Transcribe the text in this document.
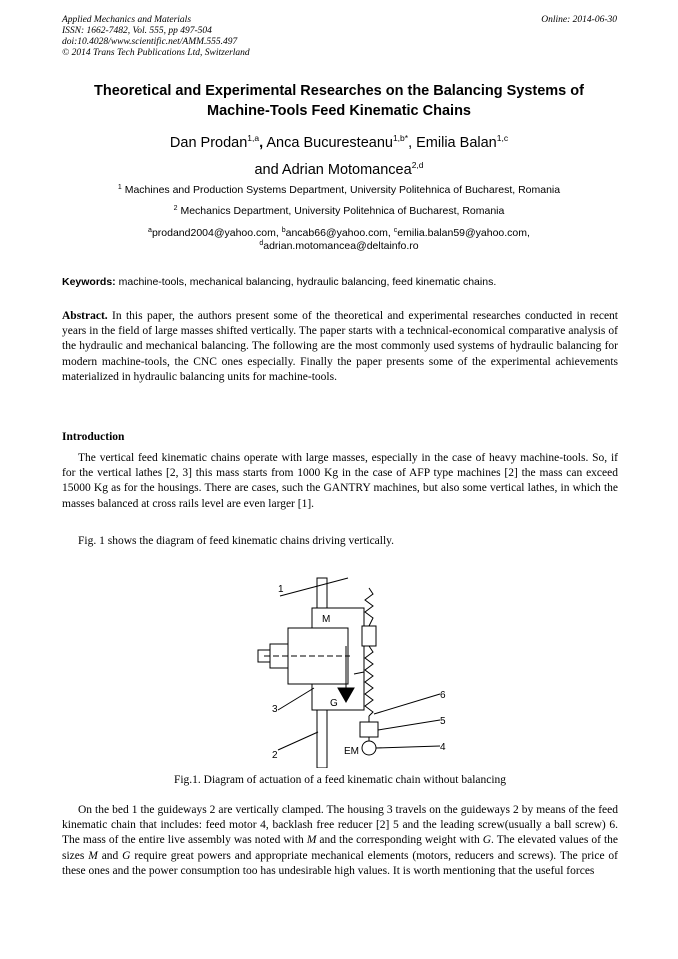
Applied Mechanics and Materials
ISSN: 1662-7482, Vol. 555, pp 497-504
doi:10.4028/www.scientific.net/AMM.555.497
© 2014 Trans Tech Publications Ltd, Switzerland
Online: 2014-06-30
Theoretical and Experimental Researches on the Balancing Systems of
Machine-Tools Feed Kinematic Chains
Dan Prodan$^{1,a}$, Anca Bucuresteanu$^{1,b*}$, Emilia Balan$^{1,c}$
and Adrian Motomancea$^{2,d}$
$^1$ Machines and Production Systems Department, University Politehnica of Bucharest, Romania
$^2$ Mechanics Department, University Politehnica of Bucharest, Romania
$^a$prodand2004@yahoo.com, $^b$ancab66@yahoo.com, $^c$emilia.balan59@yahoo.com,
$^d$adrian.motomancea@deltainfo.ro
Keywords: machine-tools, mechanical balancing, hydraulic balancing, feed kinematic chains.
Abstract. In this paper, the authors present some of the theoretical and experimental researches conducted in recent years in the field of large masses shifted vertically. The paper starts with a technical-economical comparative analysis of the hydraulic and mechanical balancing. The following are the most commonly used systems of hydraulic balancing for modern machine-tools, the CNC ones especially. Finally the paper presents some of the experimental achievements materialized in hydraulic balancing units for machine-tools.
Introduction
The vertical feed kinematic chains operate with large masses, especially in the case of heavy machine-tools. So, if for the vertical lathes [2, 3] this mass starts from 1000 Kg in the case of AFP type machines [2] the mass can exceed 15000 Kg as for the housings. There are cases, such the GANTRY machines, but also some vertical lathes, in which the masses balanced at cross rails level are even larger [1].
Fig. 1 shows the diagram of feed kinematic chains driving vertically.
1
2
3
4
5
6
M
G
EM
Fig.1. Diagram of actuation of a feed kinematic chain without balancing
On the bed 1 the guideways 2 are vertically clamped. The housing 3 travels on the guideways 2 by means of the feed kinematic chain that includes: feed motor 4, backlash free reducer [2] 5 and the leading screw(usually a ball screw) 6. The mass of the entire live assembly was noted with M and the corresponding weight with G. The elevated values of the sizes M and G require great powers and appropriate mechanical elements (motors, reducers and screws). The price of these ones and the power consumption too has undesirable high values. It is worth mentioning that the useful forces
